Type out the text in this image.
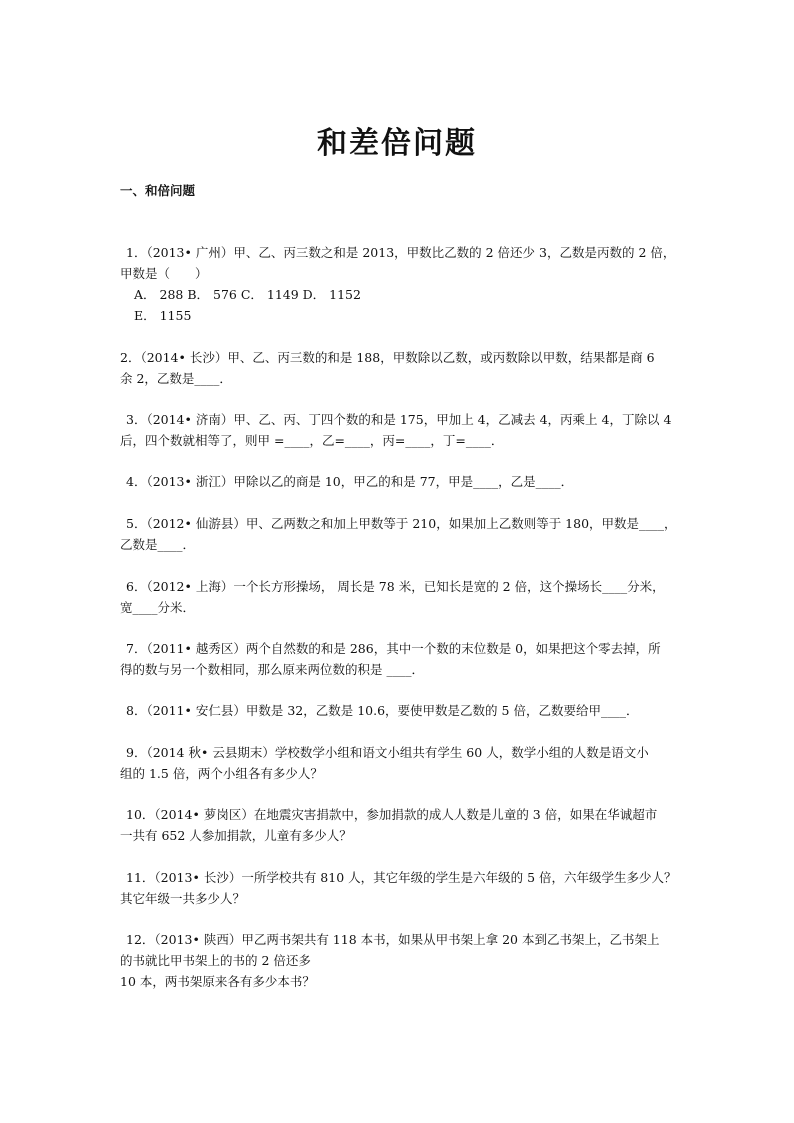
和差倍问题
一、和倍问题
1．（2013• 广州）甲、乙、丙三数之和是 2013，甲数比乙数的 2 倍还少 3，乙数是丙数的 2 倍，
甲数是（　　）
A． 288 B． 576 C． 1149 D． 1152
E． 1155
2．（2014• 长沙）甲、乙、丙三数的和是 188，甲数除以乙数，或丙数除以甲数，结果都是商 6
余 2，乙数是____．
3．（2014• 济南）甲、乙、丙、丁四个数的和是 175，甲加上 4，乙减去 4，丙乘上 4，丁除以 4
后，四个数就相等了，则甲 =____，乙=____，丙=____，丁=____．
4．（2013• 浙江）甲除以乙的商是 10，甲乙的和是 77，甲是____，乙是____．
5．（2012• 仙游县）甲、乙两数之和加上甲数等于 210，如果加上乙数则等于 180，甲数是____，
乙数是____．
6．（2012• 上海）一个长方形操场， 周长是 78 米，已知长是宽的 2 倍，这个操场长____分米，
宽____分米．
7．（2011• 越秀区）两个自然数的和是 286，其中一个数的末位数是 0，如果把这个零去掉，所
得的数与另一个数相同，那么原来两位数的积是 ____．
8．（2011• 安仁县）甲数是 32，乙数是 10.6，要使甲数是乙数的 5 倍，乙数要给甲____．
9．（2014 秋• 云县期末）学校数学小组和语文小组共有学生 60 人，数学小组的人数是语文小
组的 1.5 倍，两个小组各有多少人？
10．（2014• 萝岗区）在地震灾害捐款中，参加捐款的成人人数是儿童的 3 倍，如果在华诚超市
一共有 652 人参加捐款，儿童有多少人？
11．（2013• 长沙）一所学校共有 810 人，其它年级的学生是六年级的 5 倍，六年级学生多少人？
其它年级一共多少人？
12．（2013• 陕西）甲乙两书架共有 118 本书，如果从甲书架上拿 20 本到乙书架上，乙书架上
的书就比甲书架上的书的 2 倍还多
10 本，两书架原来各有多少本书？
